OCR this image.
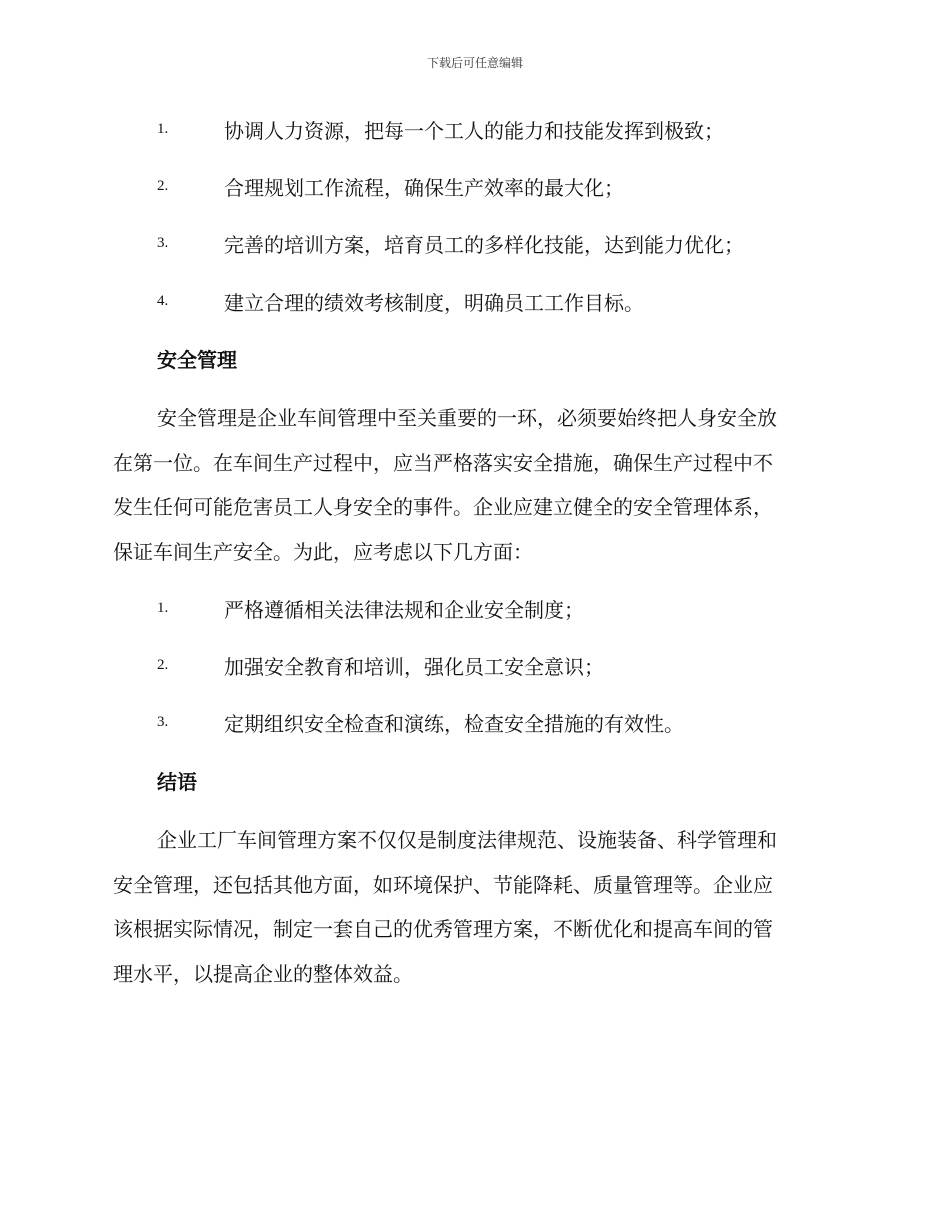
下载后可任意编辑
1.	协调人力资源，把每一个工人的能力和技能发挥到极致；
2.	合理规划工作流程，确保生产效率的最大化；
3.	完善的培训方案，培育员工的多样化技能，达到能力优化；
4.	建立合理的绩效考核制度，明确员工工作目标。
安全管理
安全管理是企业车间管理中至关重要的一环，必须要始终把人身安全放
在第一位。在车间生产过程中，应当严格落实安全措施，确保生产过程中不
发生任何可能危害员工人身安全的事件。企业应建立健全的安全管理体系，
保证车间生产安全。为此，应考虑以下几方面：
1.	严格遵循相关法律法规和企业安全制度；
2.	加强安全教育和培训，强化员工安全意识；
3.	定期组织安全检查和演练，检查安全措施的有效性。
结语
企业工厂车间管理方案不仅仅是制度法律规范、设施装备、科学管理和
安全管理，还包括其他方面，如环境保护、节能降耗、质量管理等。企业应
该根据实际情况，制定一套自己的优秀管理方案，不断优化和提高车间的管
理水平，以提高企业的整体效益。
